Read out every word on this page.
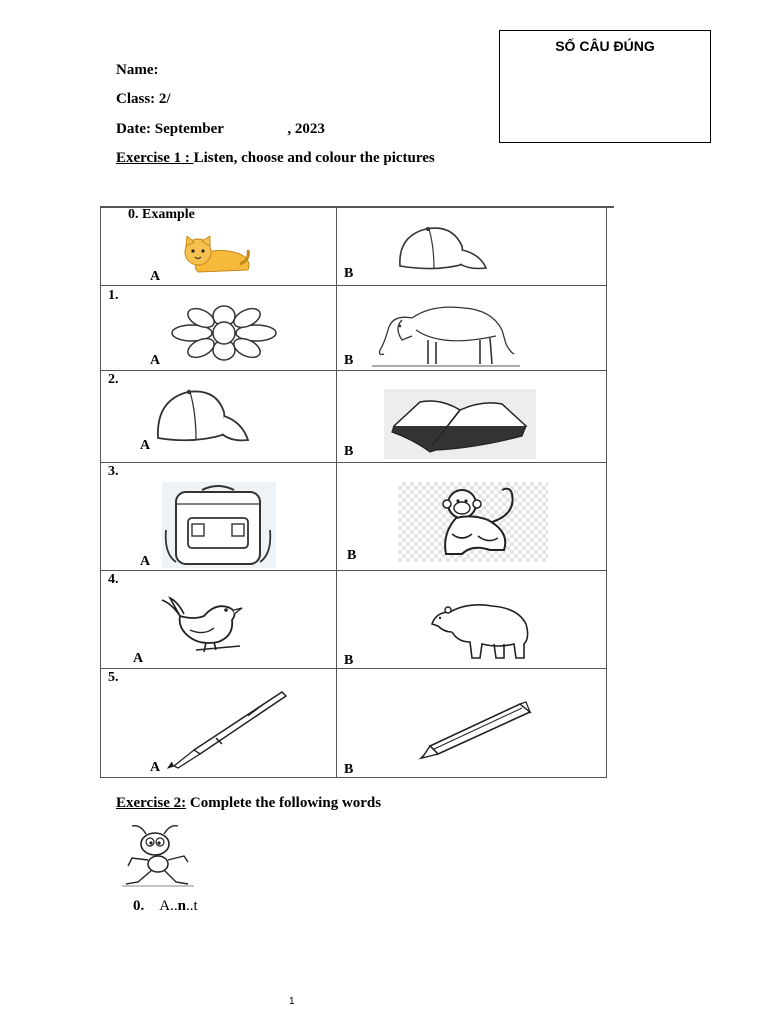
SỐ CÂU ĐÚNG
Name:
Class: 2/
Date: September                 , 2023
Exercise 1 : Listen, choose and colour the pictures
0. Example
A	B
1.
A	B
2.
A	B
3.
A	B
4.
A	B
5.
A	B
Exercise 2: Complete the following words
0. A..n..t
1
